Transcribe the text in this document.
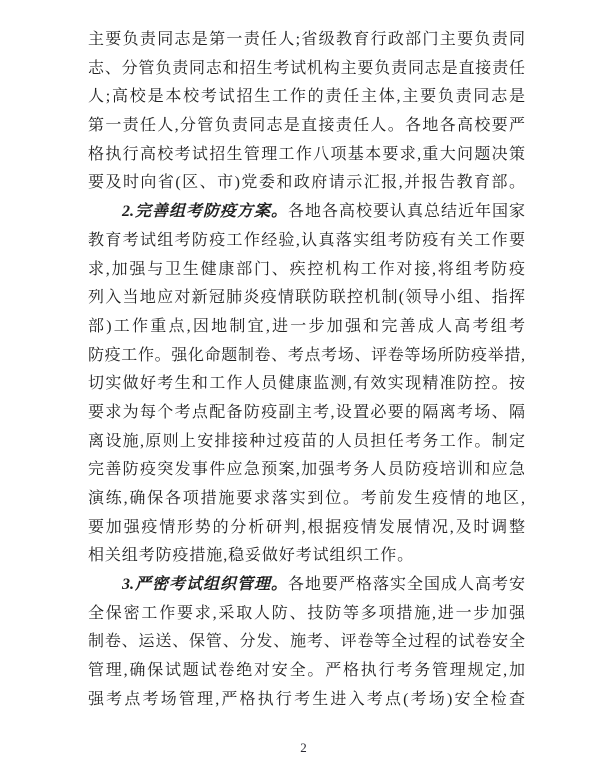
主要负责同志是第一责任人;省级教育行政部门主要负责同
志、分管负责同志和招生考试机构主要负责同志是直接责任
人;高校是本校考试招生工作的责任主体,主要负责同志是
第一责任人,分管负责同志是直接责任人。各地各高校要严
格执行高校考试招生管理工作八项基本要求,重大问题决策
要及时向省(区、市)党委和政府请示汇报,并报告教育部。
2.完善组考防疫方案。各地各高校要认真总结近年国家
教育考试组考防疫工作经验,认真落实组考防疫有关工作要
求,加强与卫生健康部门、疾控机构工作对接,将组考防疫
列入当地应对新冠肺炎疫情联防联控机制(领导小组、指挥
部)工作重点,因地制宜,进一步加强和完善成人高考组考
防疫工作。强化命题制卷、考点考场、评卷等场所防疫举措,
切实做好考生和工作人员健康监测,有效实现精准防控。按
要求为每个考点配备防疫副主考,设置必要的隔离考场、隔
离设施,原则上安排接种过疫苗的人员担任考务工作。制定
完善防疫突发事件应急预案,加强考务人员防疫培训和应急
演练,确保各项措施要求落实到位。考前发生疫情的地区,
要加强疫情形势的分析研判,根据疫情发展情况,及时调整
相关组考防疫措施,稳妥做好考试组织工作。
3.严密考试组织管理。各地要严格落实全国成人高考安
全保密工作要求,采取人防、技防等多项措施,进一步加强
制卷、运送、保管、分发、施考、评卷等全过程的试卷安全
管理,确保试题试卷绝对安全。严格执行考务管理规定,加
强考点考场管理,严格执行考生进入考点(考场)安全检查
2
